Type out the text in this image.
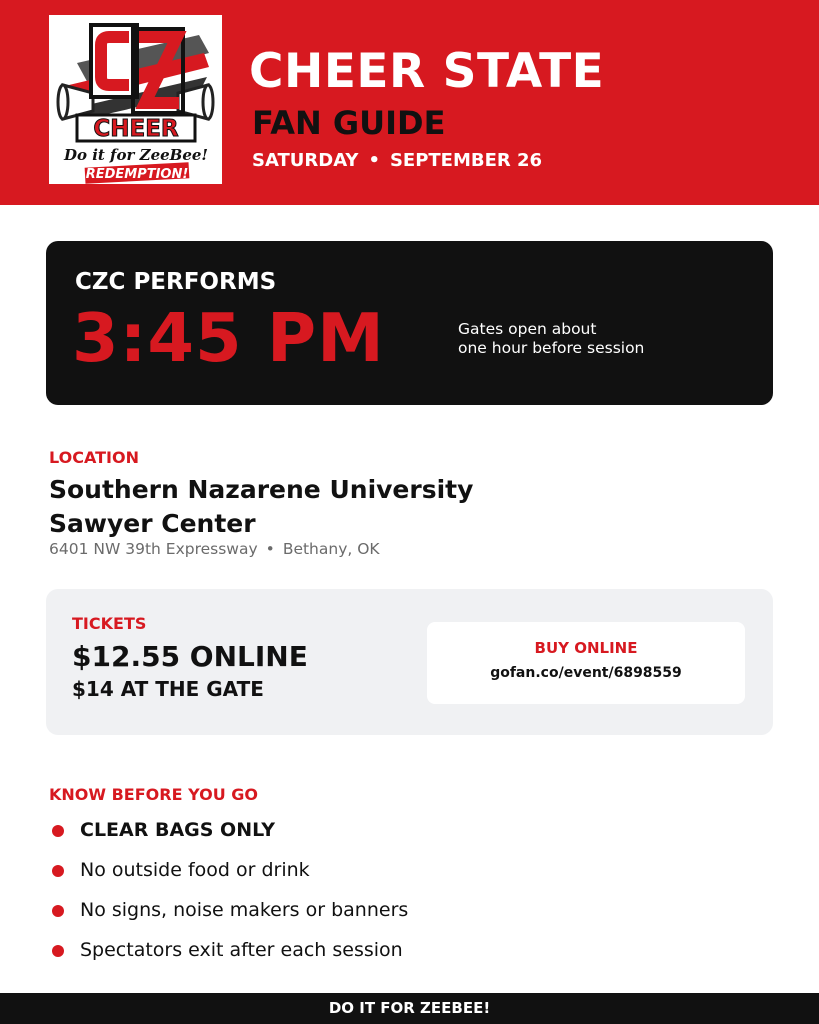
CHEER
Do it for ZeeBee!
REDEMPTION!
CHEER STATE
FAN GUIDE
SATURDAY • SEPTEMBER 26
CZC PERFORMS
3:45 PM	Gates open about
one hour before session
LOCATION
Southern Nazarene University
Sawyer Center
6401 NW 39th Expressway • Bethany, OK
TICKETS
$12.55 ONLINE
$14 AT THE GATE
BUY ONLINE
gofan.co/event/6898559
KNOW BEFORE YOU GO
CLEAR BAGS ONLY
No outside food or drink
No signs, noise makers or banners
Spectators exit after each session
DO IT FOR ZEEBEE!
